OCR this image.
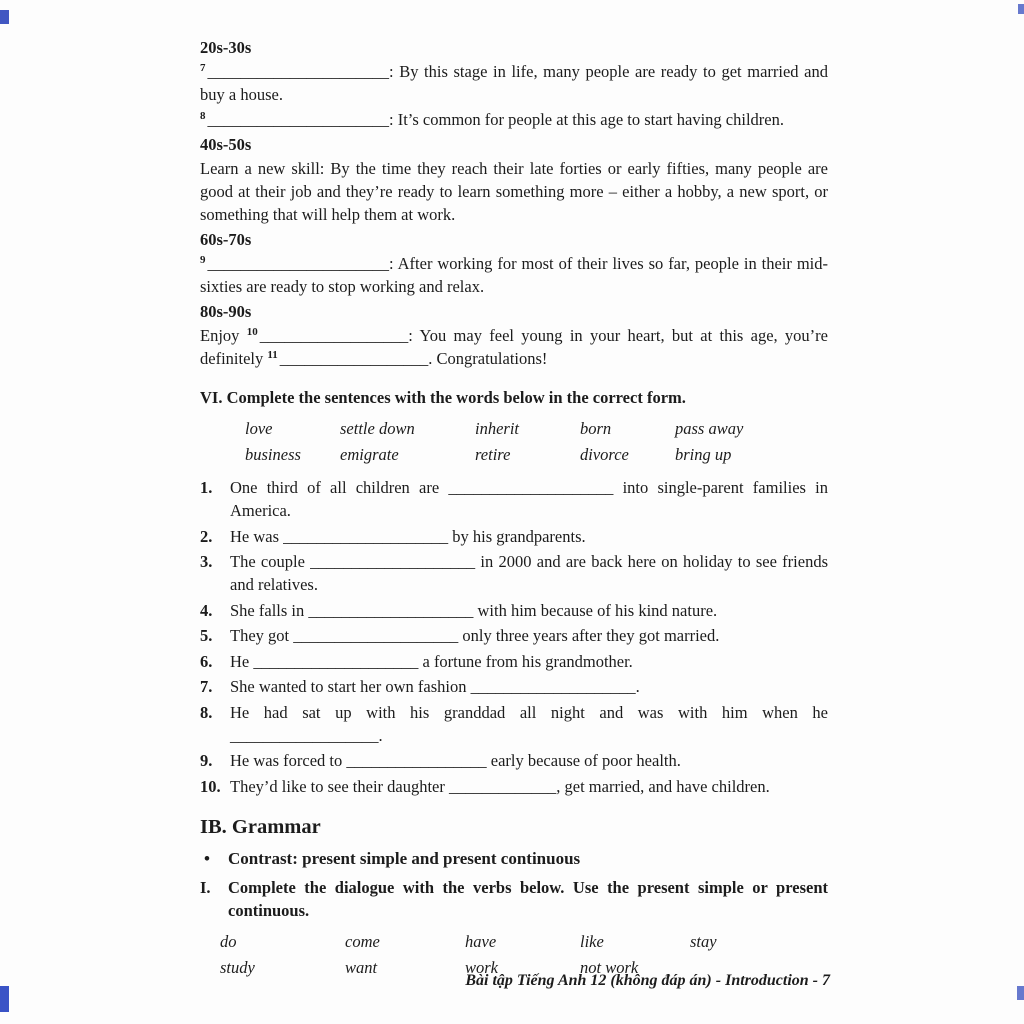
20s-30s

$^7$ ______________________: By this stage in life, many people are ready to get married and buy a house.

$^8$ ______________________: It’s common for people at this age to start having children.

40s-50s

Learn a new skill: By the time they reach their late forties or early fifties, many people are good at their job and they’re ready to learn something more – either a hobby, a new sport, or something that will help them at work.

60s-70s

$^9$ ______________________: After working for most of their lives so far, people in their mid-sixties are ready to stop working and relax.

80s-90s

Enjoy $^{10}$ __________________: You may feel young in your heart, but at this age, you’re definitely $^{11}$ __________________. Congratulations!

VI. Complete the sentences with the words below in the correct form.
love	settle down	inherit	born	pass away
business	emigrate	retire	divorce	bring up
1.	One third of all children are ____________________ into single-parent families in America.
2.	He was ____________________ by his grandparents.
3.	The couple ____________________ in 2000 and are back here on holiday to see friends and relatives.
4.	She falls in ____________________ with him because of his kind nature.
5.	They got ____________________ only three years after they got married.
6.	He ____________________ a fortune from his grandmother.
7.	She wanted to start her own fashion ____________________.
8.	He had sat up with his granddad all night and was with him when he __________________.
9.	He was forced to _________________ early because of poor health.
10. They’d like to see their daughter _____________, get married, and have children.
IB. Grammar
•	Contrast: present simple and present continuous
I.	Complete the dialogue with the verbs below. Use the present simple or present continuous.
do	come	have	like	stay
study	want	work	not work
Bài tập Tiếng Anh 12 (không đáp án) - Introduction - 7
